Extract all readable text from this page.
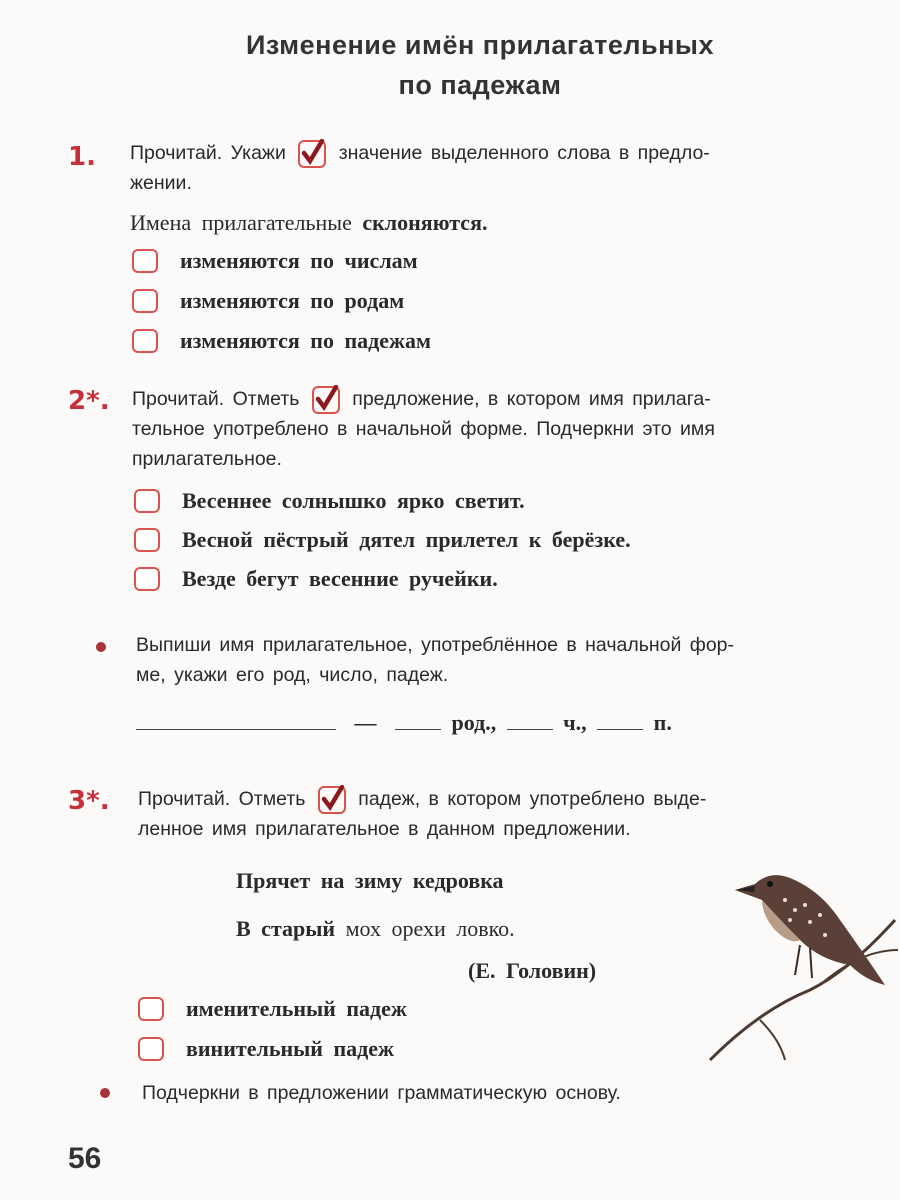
Изменение имён прилагательных
по падежам
1. Прочитай. Укажи	значение выделенного слова в предло-
жении.
Имена прилагательные склоняются.
изменяются по числам
изменяются по родам
изменяются по падежам
2*. Прочитай. Отметь	предложение, в котором имя прилага-
тельное употреблено в начальной форме. Подчеркни это имя
прилагательное.
Весеннее солнышко ярко светит.
Весной пёстрый дятел прилетел к берёзке.
Везде бегут весенние ручейки.
Выпиши имя прилагательное, употреблённое в начальной фор-
ме, укажи его род, число, падеж.
—	род.,	ч.,	п.
3*. Прочитай. Отметь	падеж, в котором употреблено выде-
ленное имя прилагательное в данном предложении.
Прячет на зиму кедровка
В старый мох орехи ловко.
(Е. Головин)
именительный падеж
винительный падеж
Подчеркни в предложении грамматическую основу.
56
